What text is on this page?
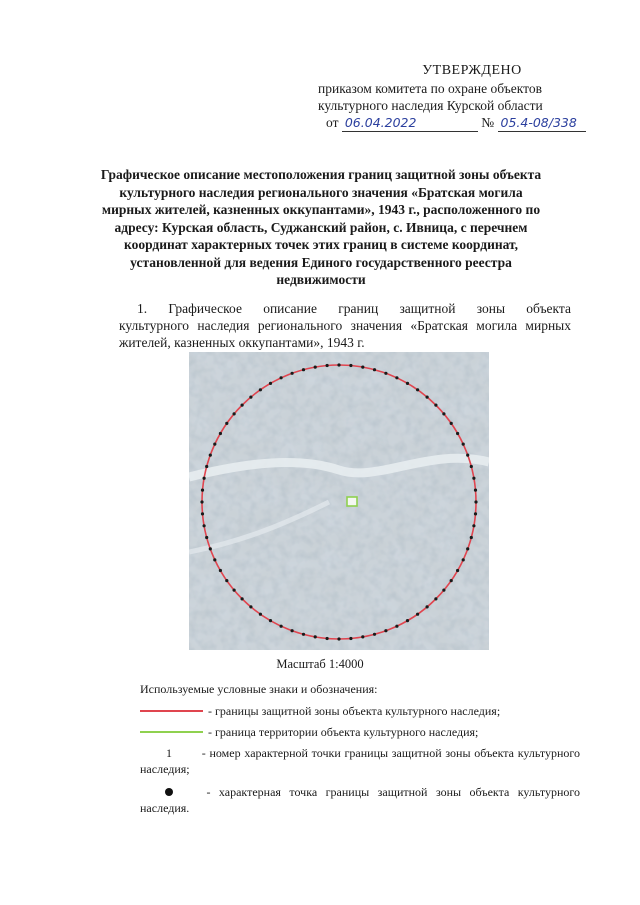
УТВЕРЖДЕНО
приказом комитета по охране объектов
культурного наследия Курской области
от 06.04.2022	№ 05.4-08/338
Графическое описание местоположения границ защитной зоны объекта культурного наследия регионального значения «Братская могила мирных жителей, казненных оккупантами», 1943 г., расположенного по адресу: Курская область, Суджанский район, с. Ивница, с перечнем координат характерных точек этих границ в системе координат, установленной для ведения Единого государственного реестра недвижимости
1. Графическое описание границ защитной зоны объекта
культурного наследия регионального значения «Братская могила мирных жителей, казненных оккупантами», 1943 г.
Масштаб 1:4000
Используемые условные знаки и обозначения:
- границы защитной зоны объекта культурного наследия;
- граница территории объекта культурного наследия;
1 - номер характерной точки границы защитной зоны объекта культурного наследия;
- характерная точка границы защитной зоны объекта культурного наследия.
